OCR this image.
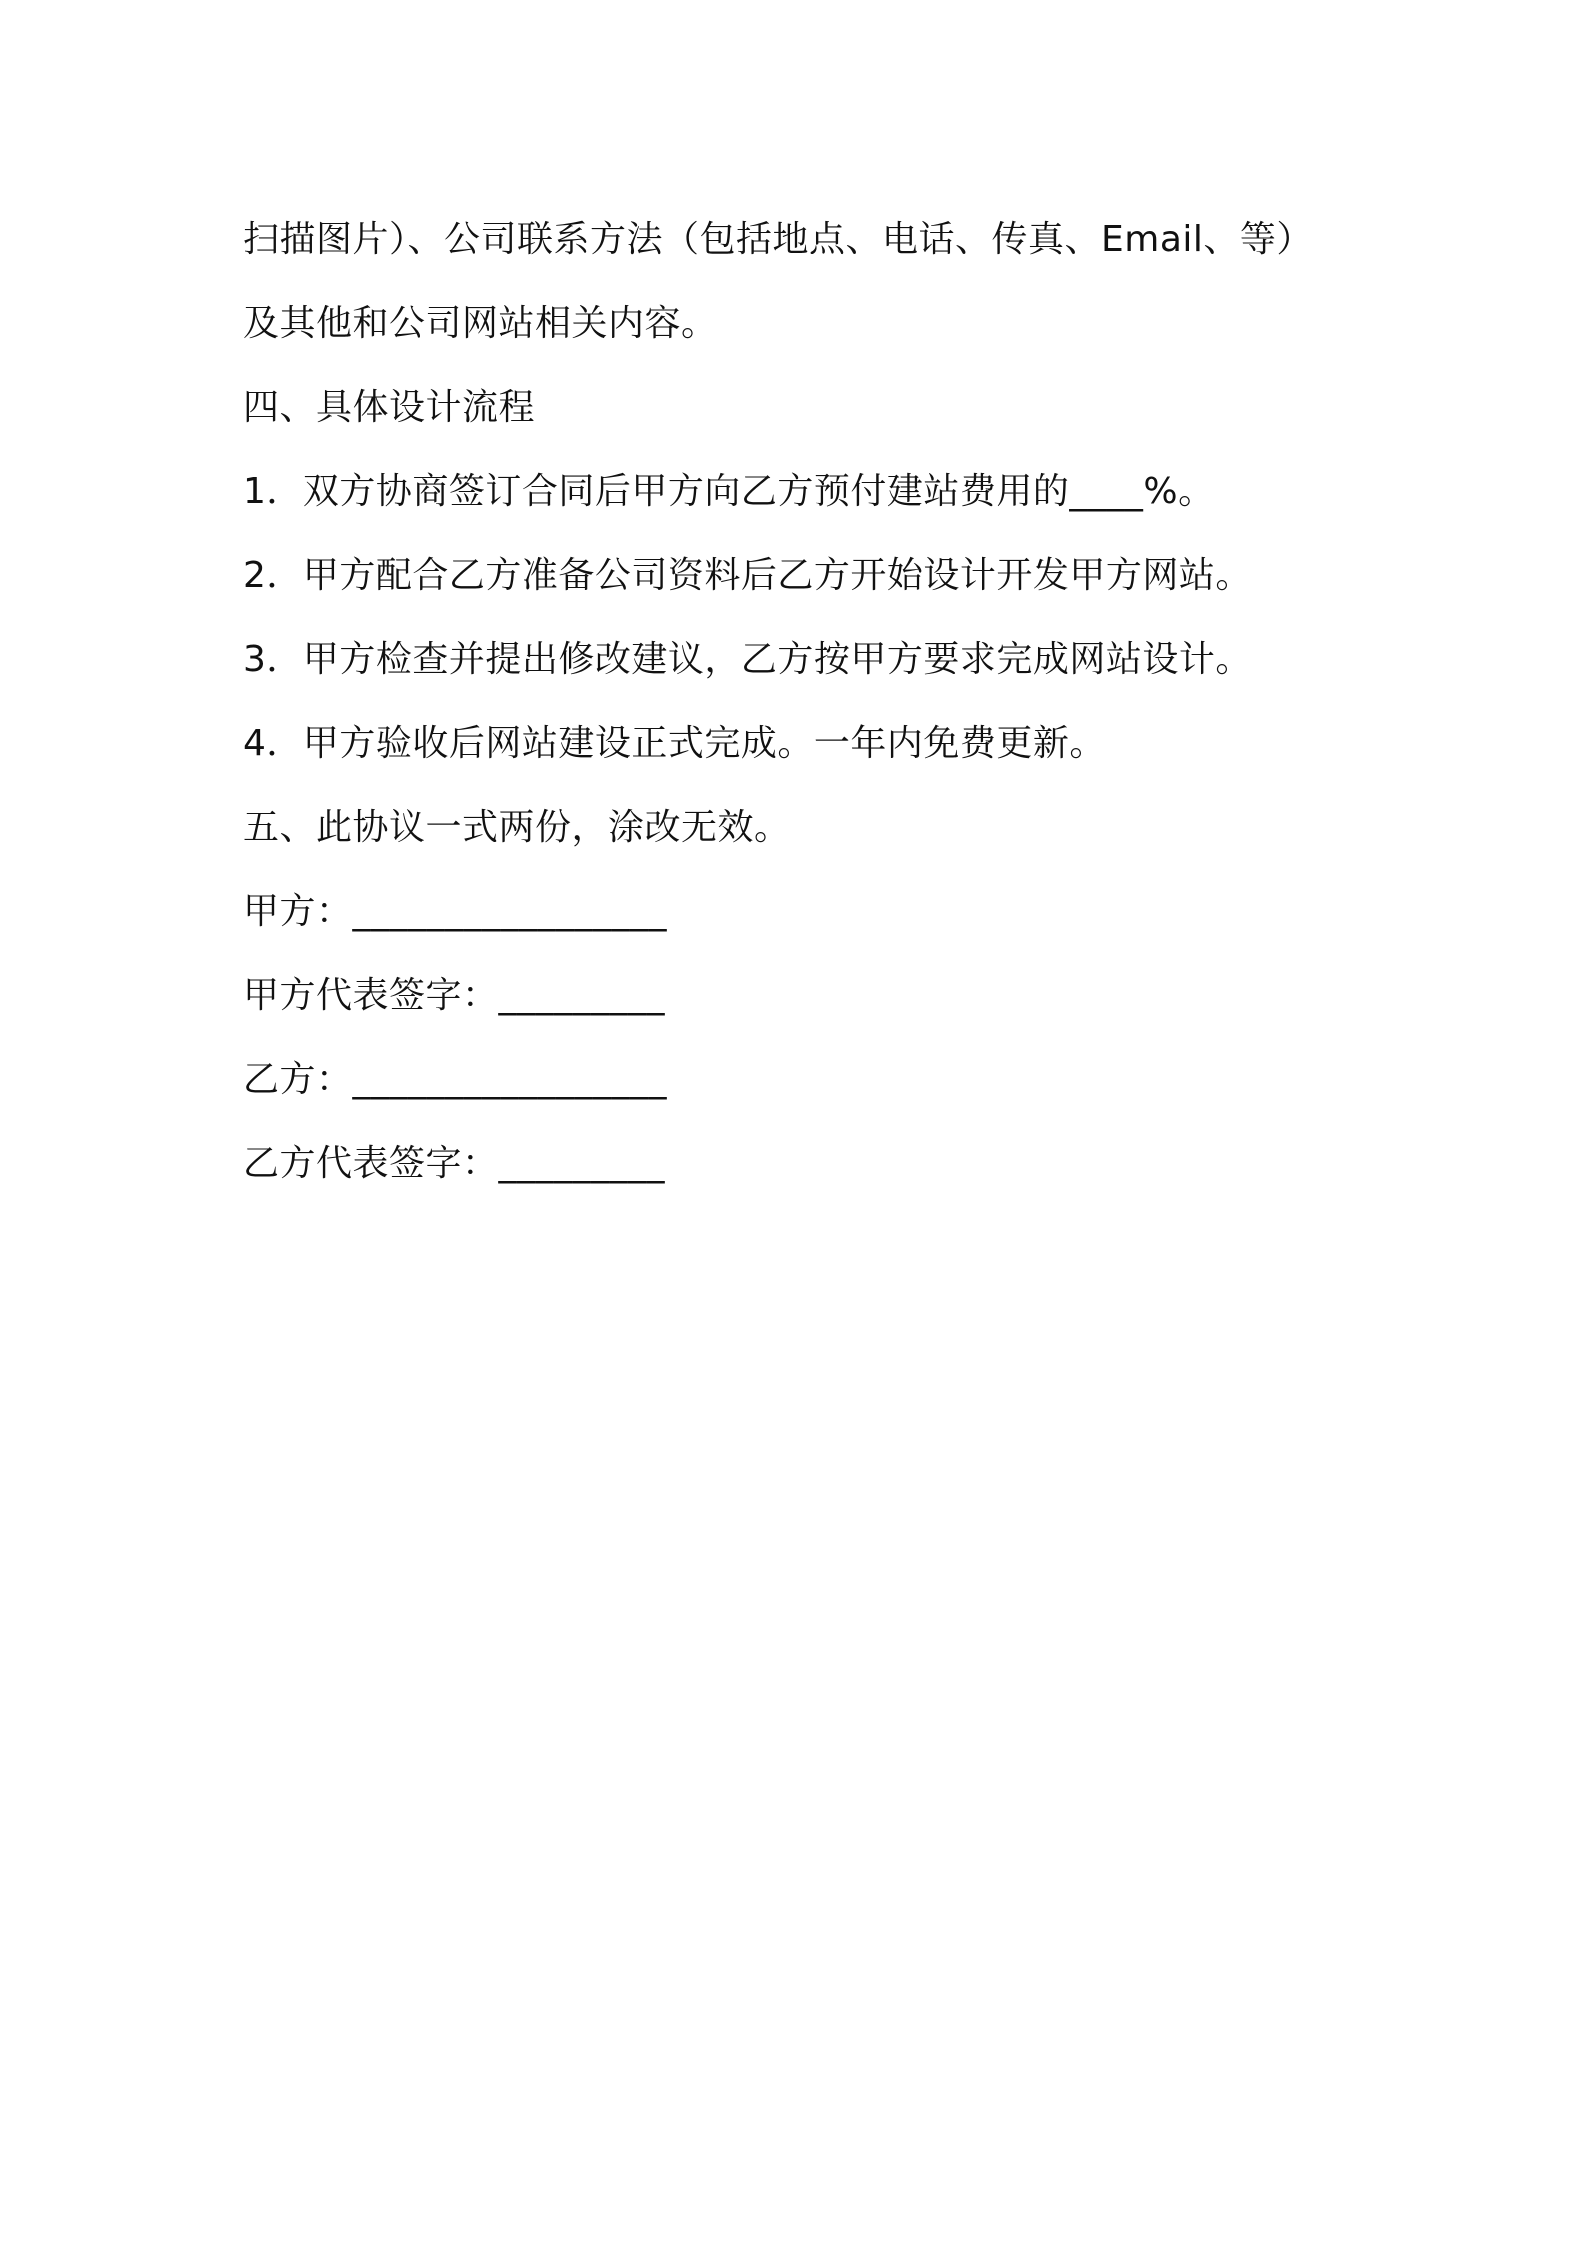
扫描图片）、公司联系方法（包括地点、电话、传真、Email、等）
及其他和公司网站相关内容。
四、具体设计流程
1．双方协商签订合同后甲方向乙方预付建站费用的____%。
2．甲方配合乙方准备公司资料后乙方开始设计开发甲方网站。
3．甲方检查并提出修改建议，乙方按甲方要求完成网站设计。
4．甲方验收后网站建设正式完成。一年内免费更新。
五、此协议一式两份，涂改无效。
甲方：_________________
甲方代表签字：_________
乙方：_________________
乙方代表签字：_________
